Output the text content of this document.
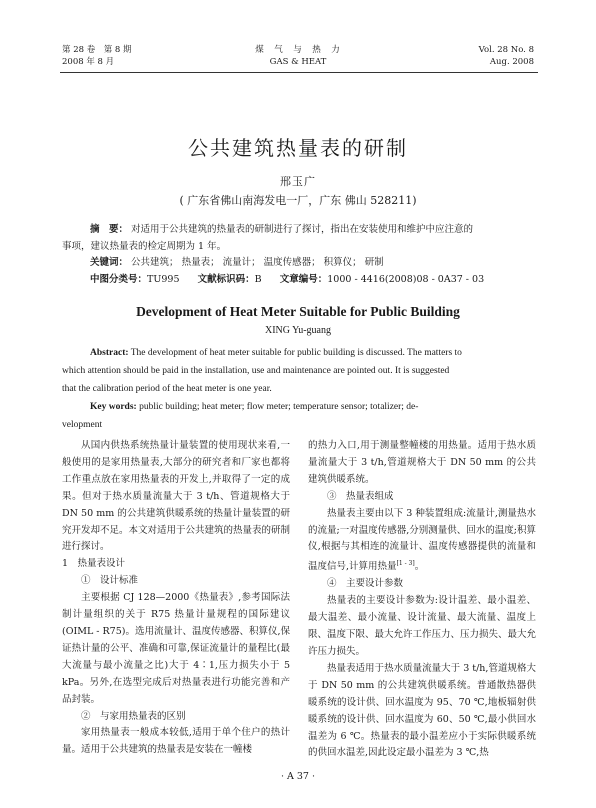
第 28 卷　第 8 期
2008 年 8 月
煤　气　与　热　力
GAS & HEAT
Vol. 28 No. 8
Aug. 2008
公共建筑热量表的研制
邢玉广
( 广东省佛山南海发电一厂，广东 佛山 528211)
摘　要： 对适用于公共建筑的热量表的研制进行了探讨，指出在安装使用和维护中应注意的
事项，建议热量表的检定周期为 1 年。
关键词： 公共建筑； 热量表； 流量计； 温度传感器； 积算仪； 研制
中图分类号：TU995 文献标识码：B 文章编号：1000 - 4416(2008)08 - 0A37 - 03
Development of Heat Meter Suitable for Public Building
XING Yu-guang
Abstract: The development of heat meter suitable for public building is discussed. The matters to
which attention should be paid in the installation, use and maintenance are pointed out. It is suggested
that the calibration period of the heat meter is one year.
Key words: public building; heat meter; flow meter; temperature sensor; totalizer; de-
velopment

从国内供热系统热量计量装置的使用现状来看,一般使用的是家用热量表,大部分的研究者和厂家也都将工作重点放在家用热量表的开发上,并取得了一定的成果。但对于热水质量流量大于 3 t/h、管道规格大于 DN 50 mm 的公共建筑供暖系统的热量计量装置的研究开发却不足。本文对适用于公共建筑的热量表的研制进行探讨。

1　热量表设计

①　设计标准

主要根据 CJ 128—2000《热量表》,参考国际法制计量组织的关于 R75 热量计量规程的国际建议(OIML - R75)。选用流量计、温度传感器、积算仪,保证热计量的公平、准确和可靠,保证流量计的量程比(最大流量与最小流量之比)大于 4∶1,压力损失小于 5 kPa。另外,在选型完成后对热量表进行功能完善和产品封装。

②　与家用热量表的区别

家用热量表一般成本较低,适用于单个住户的热计量。适用于公共建筑的热量表是安装在一幢楼

的热力入口,用于测量整幢楼的用热量。适用于热水质量流量大于 3 t/h,管道规格大于 DN 50 mm 的公共建筑供暖系统。

③　热量表组成

热量表主要由以下 3 种装置组成:流量计,测量热水的流量;一对温度传感器,分别测量供、回水的温度;积算仪,根据与其相连的流量计、温度传感器提供的流量和温度信号,计算用热量[1 - 3]。

④　主要设计参数

热量表的主要设计参数为:设计温差、最小温差、最大温差、最小流量、设计流量、最大流量、温度上限、温度下限、最大允许工作压力、压力损失、最大允许压力损失。

热量表适用于热水质量流量大于 3 t/h,管道规格大于 DN 50 mm 的公共建筑供暖系统。普通散热器供暖系统的设计供、回水温度为 95、70 ℃,地板辐射供暖系统的设计供、回水温度为 60、50 ℃,最小供回水温差为 6 ℃。热量表的最小温差应小于实际供暖系统的供回水温差,因此设定最小温差为 3 ℃,热

· A 37 ·
